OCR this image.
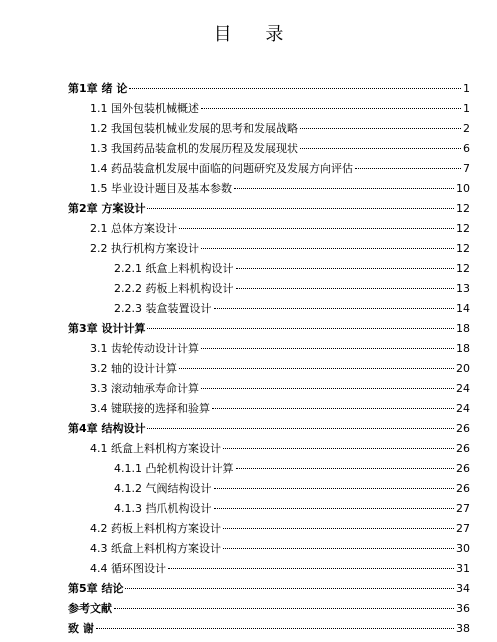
目 录
第1章 绪 论	1
1.1 国外包装机械概述	1
1.2 我国包装机械业发展的思考和发展战略	2
1.3 我国药品装盒机的发展历程及发展现状	6
1.4 药品装盒机发展中面临的问题研究及发展方向评估	7
1.5 毕业设计题目及基本参数	10
第2章 方案设计	12
2.1 总体方案设计	12
2.2 执行机构方案设计	12
2.2.1 纸盒上料机构设计	12
2.2.2 药板上料机构设计	13
2.2.3 装盒装置设计	14
第3章 设计计算	18
3.1 齿轮传动设计计算	18
3.2 轴的设计计算	20
3.3 滚动轴承寿命计算	24
3.4 键联接的选择和验算	24
第4章 结构设计	26
4.1 纸盒上料机构方案设计	26
4.1.1 凸轮机构设计计算	26
4.1.2 气阀结构设计	26
4.1.3 挡爪机构设计	27
4.2 药板上料机构方案设计	27
4.3 纸盒上料机构方案设计	30
4.4 循环图设计	31
第5章 结论	34
参考文献	36
致 谢	38
